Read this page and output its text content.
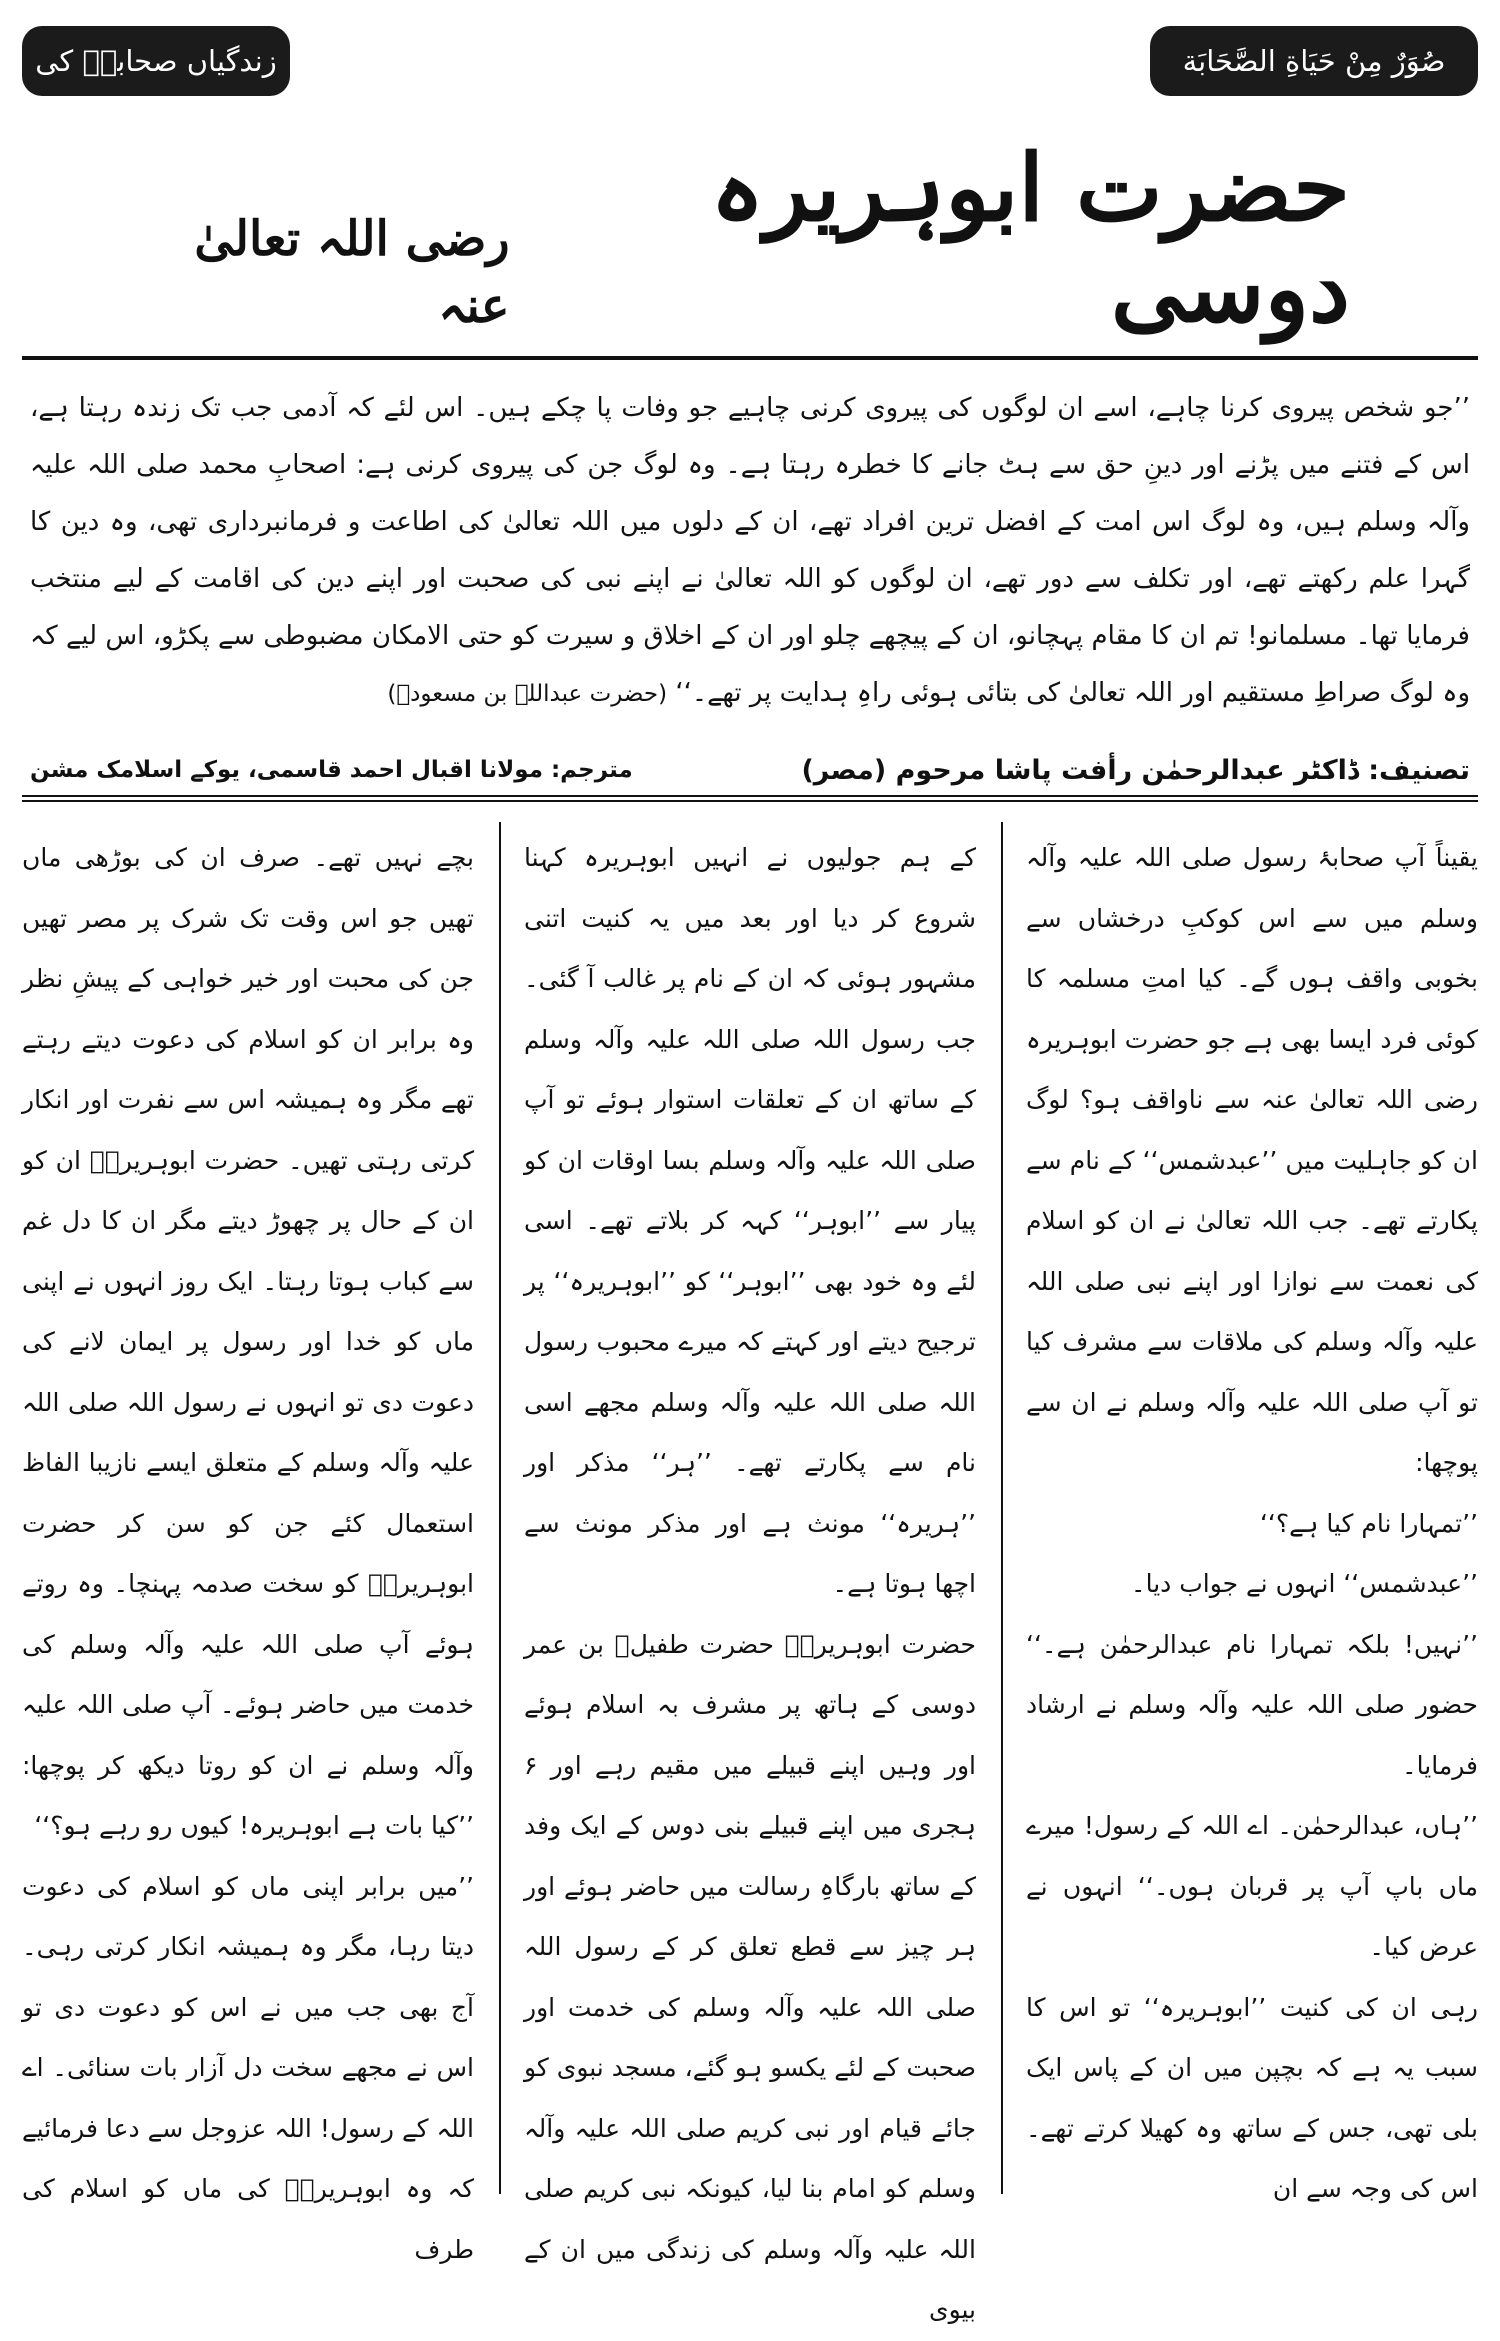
صُوَرٌ مِنْ حَيَاةِ الصَّحَابَة
زندگیاں صحابہؓ کی
حضرت ابوہریرہ دوسی
رضی اللہ تعالیٰ عنہ

’’جو شخص پیروی کرنا چاہے، اسے ان لوگوں کی پیروی کرنی چاہیے جو وفات پا چکے ہیں۔ اس لئے کہ آدمی جب تک زندہ رہتا ہے، اس کے فتنے میں پڑنے اور دینِ حق سے ہٹ جانے کا خطرہ رہتا ہے۔ وہ لوگ جن کی پیروی کرنی ہے: اصحابِ محمد صلی اللہ علیہ وآلہ وسلم ہیں، وہ لوگ اس امت کے افضل ترین افراد تھے، ان کے دلوں میں اللہ تعالیٰ کی اطاعت و فرمانبرداری تھی، وہ دین کا گہرا علم رکھتے تھے، اور تکلف سے دور تھے، ان لوگوں کو اللہ تعالیٰ نے اپنے نبی کی صحبت اور اپنے دین کی اقامت کے لیے منتخب فرمایا تھا۔ مسلمانو! تم ان کا مقام پہچانو، ان کے پیچھے چلو اور ان کے اخلاق و سیرت کو حتی الامکان مضبوطی سے پکڑو، اس لیے کہ وہ لوگ صراطِ مستقیم اور اللہ تعالیٰ کی بتائی ہوئی راہِ ہدایت پر تھے۔‘‘ (حضرت عبداللہ بن مسعودؓ)

تصنیف: ڈاکٹر عبدالرحمٰن رأفت پاشا مرحوم (مصر)
مترجم: مولانا اقبال احمد قاسمی، یوکے اسلامک مشن

یقیناً آپ صحابۂ رسول صلی اللہ علیہ وآلہ وسلم میں سے اس کوکبِ درخشاں سے بخوبی واقف ہوں گے۔ کیا امتِ مسلمہ کا کوئی فرد ایسا بھی ہے جو حضرت ابوہریرہ رضی اللہ تعالیٰ عنہ سے ناواقف ہو؟ لوگ ان کو جاہلیت میں ’’عبدشمس‘‘ کے نام سے پکارتے تھے۔ جب اللہ تعالیٰ نے ان کو اسلام کی نعمت سے نوازا اور اپنے نبی صلی اللہ علیہ وآلہ وسلم کی ملاقات سے مشرف کیا تو آپ صلی اللہ علیہ وآلہ وسلم نے ان سے پوچھا:

’’تمہارا نام کیا ہے؟‘‘

’’عبدشمس‘‘ انہوں نے جواب دیا۔

’’نہیں! بلکہ تمہارا نام عبدالرحمٰن ہے۔‘‘ حضور صلی اللہ علیہ وآلہ وسلم نے ارشاد فرمایا۔

’’ہاں، عبدالرحمٰن۔ اے اللہ کے رسول! میرے ماں باپ آپ پر قربان ہوں۔‘‘ انہوں نے عرض کیا۔

رہی ان کی کنیت ’’ابوہریرہ‘‘ تو اس کا سبب یہ ہے کہ بچپن میں ان کے پاس ایک بلی تھی، جس کے ساتھ وہ کھیلا کرتے تھے۔ اس کی وجہ سے ان

کے ہم جولیوں نے انہیں ابوہریرہ کہنا شروع کر دیا اور بعد میں یہ کنیت اتنی مشہور ہوئی کہ ان کے نام پر غالب آ گئی۔ جب رسول اللہ صلی اللہ علیہ وآلہ وسلم کے ساتھ ان کے تعلقات استوار ہوئے تو آپ صلی اللہ علیہ وآلہ وسلم بسا اوقات ان کو پیار سے ’’ابوہر‘‘ کہہ کر بلاتے تھے۔ اسی لئے وہ خود بھی ’’ابوہر‘‘ کو ’’ابوہریرہ‘‘ پر ترجیح دیتے اور کہتے کہ میرے محبوب رسول اللہ صلی اللہ علیہ وآلہ وسلم مجھے اسی نام سے پکارتے تھے۔ ’’ہر‘‘ مذکر اور ’’ہریرہ‘‘ مونث ہے اور مذکر مونث سے اچھا ہوتا ہے۔

حضرت ابوہریرہؓ حضرت طفیلؓ بن عمر دوسی کے ہاتھ پر مشرف بہ اسلام ہوئے اور وہیں اپنے قبیلے میں مقیم رہے اور ۶ ہجری میں اپنے قبیلے بنی دوس کے ایک وفد کے ساتھ بارگاہِ رسالت میں حاضر ہوئے اور ہر چیز سے قطع تعلق کر کے رسول اللہ صلی اللہ علیہ وآلہ وسلم کی خدمت اور صحبت کے لئے یکسو ہو گئے، مسجد نبوی کو جائے قیام اور نبی کریم صلی اللہ علیہ وآلہ وسلم کو امام بنا لیا، کیونکہ نبی کریم صلی اللہ علیہ وآلہ وسلم کی زندگی میں ان کے بیوی

بچے نہیں تھے۔ صرف ان کی بوڑھی ماں تھیں جو اس وقت تک شرک پر مصر تھیں جن کی محبت اور خیر خواہی کے پیشِ نظر وہ برابر ان کو اسلام کی دعوت دیتے رہتے تھے مگر وہ ہمیشہ اس سے نفرت اور انکار کرتی رہتی تھیں۔ حضرت ابوہریرہؓ ان کو ان کے حال پر چھوڑ دیتے مگر ان کا دل غم سے کباب ہوتا رہتا۔ ایک روز انہوں نے اپنی ماں کو خدا اور رسول پر ایمان لانے کی دعوت دی تو انہوں نے رسول اللہ صلی اللہ علیہ وآلہ وسلم کے متعلق ایسے نازیبا الفاظ استعمال کئے جن کو سن کر حضرت ابوہریرہؓ کو سخت صدمہ پہنچا۔ وہ روتے ہوئے آپ صلی اللہ علیہ وآلہ وسلم کی خدمت میں حاضر ہوئے۔ آپ صلی اللہ علیہ وآلہ وسلم نے ان کو روتا دیکھ کر پوچھا: ’’کیا بات ہے ابوہریرہ! کیوں رو رہے ہو؟‘‘

’’میں برابر اپنی ماں کو اسلام کی دعوت دیتا رہا، مگر وہ ہمیشہ انکار کرتی رہی۔ آج بھی جب میں نے اس کو دعوت دی تو اس نے مجھے سخت دل آزار بات سنائی۔ اے اللہ کے رسول! اللہ عزوجل سے دعا فرمائیے کہ وہ ابوہریرہؓ کی ماں کو اسلام کی طرف
